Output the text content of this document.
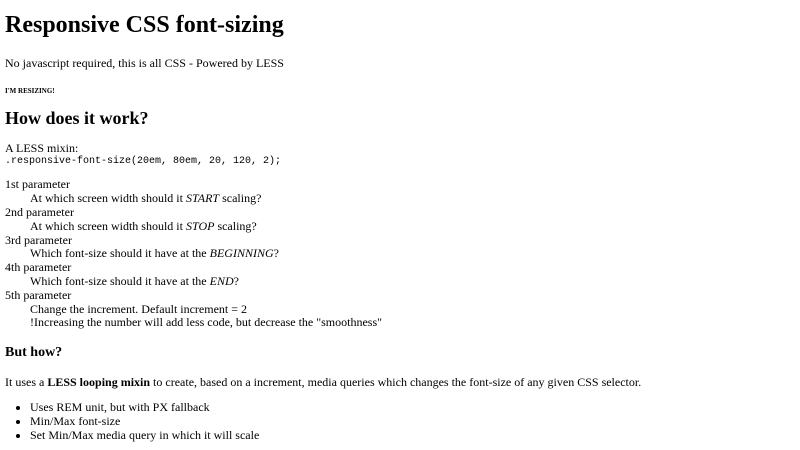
Responsive CSS font-sizing

No javascript required, this is all CSS - Powered by LESS

I'M RESIZING!

How does it work?

A LESS mixin:
.responsive-font-size(20em, 80em, 20, 120, 2);

1st parameter
At which screen width should it START scaling?
2nd parameter
At which screen width should it STOP scaling?
3rd parameter
Which font-size should it have at the BEGINNING?
4th parameter
Which font-size should it have at the END?
5th parameter
Change the increment. Default increment = 2
!Increasing the number will add less code, but decrease the "smoothness"
But how?

It uses a LESS looping mixin to create, based on a increment, media queries which changes the font-size of any given CSS selector.

• Uses REM unit, but with PX fallback
• Min/Max font-size
• Set Min/Max media query in which it will scale
